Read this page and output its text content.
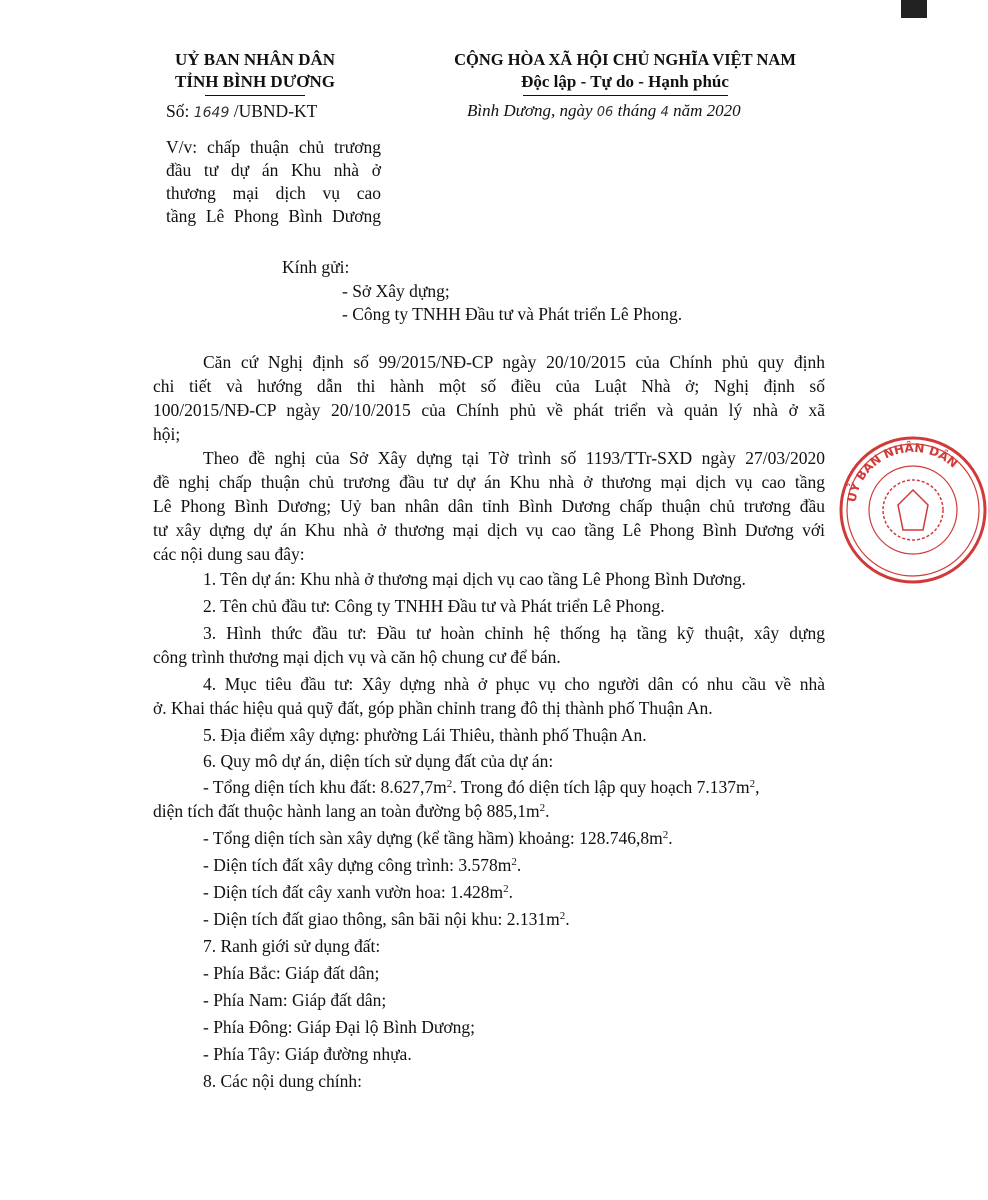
UỶ BAN NHÂN DÂN
TỈNH BÌNH DƯƠNG
Số: 1649 /UBND-KT
V/v: chấp thuận chủ trương
đầu tư dự án Khu nhà ở
thương mại dịch vụ cao
tầng Lê Phong Bình Dương
CỘNG HÒA XÃ HỘI CHỦ NGHĨA VIỆT NAM
Độc lập - Tự do - Hạnh phúc
Bình Dương, ngày 06 tháng 4 năm 2020
Kính gửi:
- Sở Xây dựng;
- Công ty TNHH Đầu tư và Phát triển Lê Phong.
Căn cứ Nghị định số 99/2015/NĐ-CP ngày 20/10/2015 của Chính phủ quy định
chi tiết và hướng dẫn thi hành một số điều của Luật Nhà ở; Nghị định số
100/2015/NĐ-CP ngày 20/10/2015 của Chính phủ về phát triển và quản lý nhà ở xã
hội;
Theo đề nghị của Sở Xây dựng tại Tờ trình số 1193/TTr-SXD ngày 27/03/2020
đề nghị chấp thuận chủ trương đầu tư dự án Khu nhà ở thương mại dịch vụ cao tầng
Lê Phong Bình Dương; Uỷ ban nhân dân tỉnh Bình Dương chấp thuận chủ trương đầu
tư xây dựng dự án Khu nhà ở thương mại dịch vụ cao tầng Lê Phong Bình Dương với
các nội dung sau đây:
1. Tên dự án: Khu nhà ở thương mại dịch vụ cao tầng Lê Phong Bình Dương.
2. Tên chủ đầu tư: Công ty TNHH Đầu tư và Phát triển Lê Phong.
3. Hình thức đầu tư: Đầu tư hoàn chỉnh hệ thống hạ tầng kỹ thuật, xây dựng
công trình thương mại dịch vụ và căn hộ chung cư để bán.
4. Mục tiêu đầu tư: Xây dựng nhà ở phục vụ cho người dân có nhu cầu về nhà
ở. Khai thác hiệu quả quỹ đất, góp phần chỉnh trang đô thị thành phố Thuận An.
5. Địa điểm xây dựng: phường Lái Thiêu, thành phố Thuận An.
6. Quy mô dự án, diện tích sử dụng đất của dự án:
- Tổng diện tích khu đất: $8.627,7m^2$. Trong đó diện tích lập quy hoạch $7.137m^2$,
diện tích đất thuộc hành lang an toàn đường bộ $885,1m^2$.
- Tổng diện tích sàn xây dựng (kể tầng hầm) khoảng: $128.746,8m^2$.
- Diện tích đất xây dựng công trình: $3.578m^2$.
- Diện tích đất cây xanh vườn hoa: $1.428m^2$.
- Diện tích đất giao thông, sân bãi nội khu: $2.131m^2$.
7. Ranh giới sử dụng đất:
- Phía Bắc: Giáp đất dân;
- Phía Nam: Giáp đất dân;
- Phía Đông: Giáp Đại lộ Bình Dương;
- Phía Tây: Giáp đường nhựa.
8. Các nội dung chính:
UỶ BAN NHÂN DÂN
